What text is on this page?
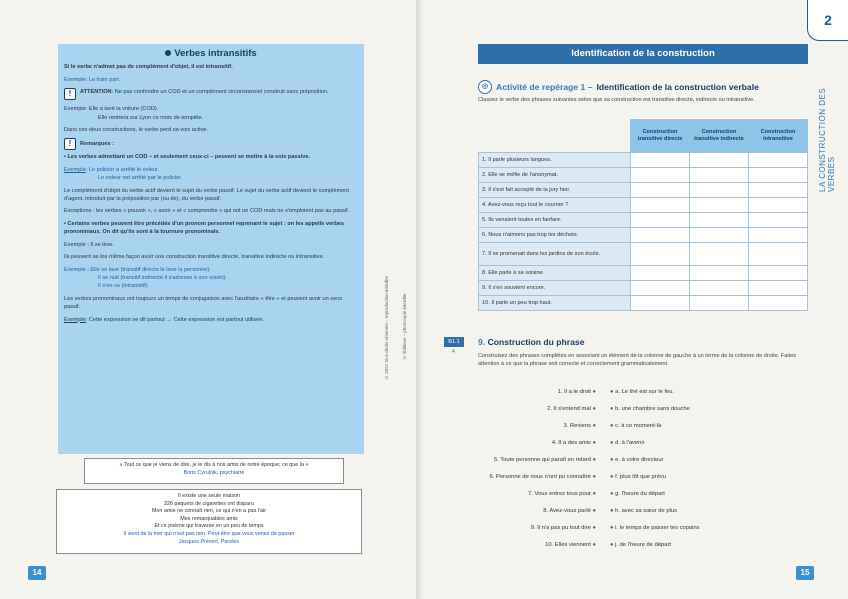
Verbes intransitifs

Si le verbe n'admet pas de complément d'objet, il est intransitif.

Exemple: Le train part.

!	ATTENTION: Ne pas confondre un COD et un complément circonstanciel construit sans préposition.

Exemple: Elle a lavé la voiture (COD).
Elle rentrera sur Lyon ce mois de tempête.

Dans ces deux constructions, le verbe perd sa voix active.

!	Remarques :

• Les verbes admettant un COD – et seulement ceux-ci – peuvent se mettre à la voix passive.

Exemple: Le policier a arrêté le voleur.
Le voleur est arrêté par le policier.

Le complément d'objet du verbe actif devient le sujet du verbe passif. Le sujet du verbe actif devient le complément d'agent, introduit par la préposition par (ou de), du verbe passif.

Exceptions : les verbes « pouvoir », « avoir » et « comprendre » qui ont un COD mais ne s'emploient pas au passif.

• Certains verbes peuvent être précédés d'un pronom personnel reprenant le sujet : on les appelle verbes pronominaux. On dit qu'ils sont à la tournure pronominale.

Exemple : Il se lève.

Ils peuvent se lire même façon avoir une construction transitive directe, transitive indirecte ou intransitive.

Exemple : Elle se lave (transitif directe le lave la personne).
Il se nuit (transitif indirecte il s'adresse à son voisin).
Il s'en va (intransitif).

Les verbes pronominaux ont toujours un temps de conjugaison avec l'auxiliaire « être » et peuvent avoir un sens passif.

Exemple: Cette expression se dit partout → Cette expression est partout utilisée.

« Tout ce que je viens de dire, je le dis à nos amis de notre époque; ce que la »
Boris Cyrulnik, psychiatre
Il existe une seule maison
326 paquets de cigarettes ont disparu
Mon amie ne connaît rien, ce qui n'en a pas l'air
Mes remarquables amis
Et ce poème qui traverse en un peu de temps
Il vient de la mer qui n'est pas rien. Peut-être que vous venez de passer
Jacques Prévert, Paroles
14
© 2021 tous droits réservés – reproduction interdite	© Éditions – photocopie interdite
2
LA CONSTRUCTION DES VERBES
Identification de la construction
◎ Activité de repérage 1 – Identification de la construction verbale
Classez le verbe des phrases suivantes selon que sa construction est transitive directe, indirecte ou intransitive.
	Construction transitive directe	Construction transitive indirecte	Construction intransitive
1. Il parle plusieurs langues.			
2. Elle se méfie de l'anonymat.			
3. Il s'est fait accepté de la jury hier.			
4. Avez-vous reçu tout le courrier ?			
5. Ils venaient toutes en fanfare.			
6. Nous n'aimons pas trop les déchets.			
7. Il se promenait dans les jardins de son école.			
8. Elle parle à sa voisine.			
9. Il s'en souvient encore.			
10. Il parle un peu trop haut.			
B1.1
4
9. Construction du phrase
Construisez des phrases complètes en associant un élément de la colonne de gauche à un terme de la colonne de droite. Faites attention à ce que la phrase soit correcte et correctement grammaticalement.
1. Il a le droit ● ● a. Le thé est sur le feu.
2. Il s'entend mal ● ● b. une chambre sans douche
3. Reviens ● ● c. à ce moment-là
4. Il a des amis ● ● d. à l'avenir
5. Toute personne qui paraît en retard ● ● e. à votre directeur
6. Personne de nous n'ont pu connaître ● ● f. plus tôt que prévu
7. Vous entrez tous pour ● ● g. l'heure du départ
8. Avez-vous parlé ● ● h. avec sa sœur de plus
9. Il n'a pas pu tout dire ● ● i. le temps de passer tes copains
10. Elles viennent ● ● j. de l'heure de départ
15
